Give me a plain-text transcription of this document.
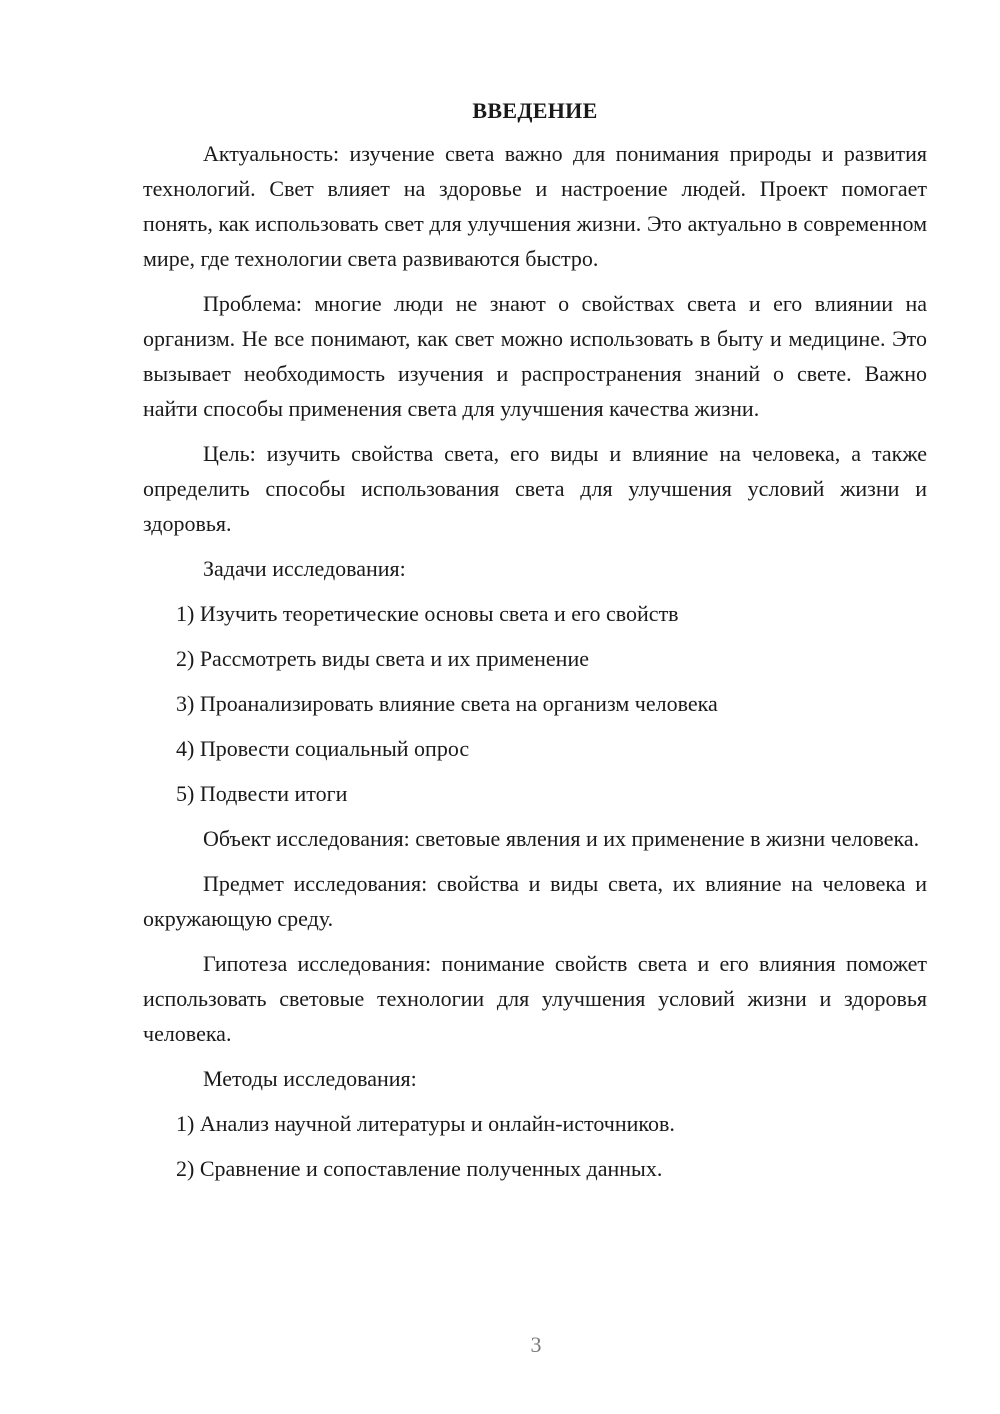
ВВЕДЕНИЕ

Актуальность: изучение света важно для понимания природы и развития технологий. Свет влияет на здоровье и настроение людей. Проект помогает понять, как использовать свет для улучшения жизни. Это актуально в современном мире, где технологии света развиваются быстро.

Проблема: многие люди не знают о свойствах света и его влиянии на организм. Не все понимают, как свет можно использовать в быту и медицине. Это вызывает необходимость изучения и распространения знаний о свете. Важно найти способы применения света для улучшения качества жизни.

Цель: изучить свойства света, его виды и влияние на человека, а также определить способы использования света для улучшения условий жизни и здоровья.

Задачи исследования:

1) Изучить теоретические основы света и его свойств
2) Рассмотреть виды света и их применение
3) Проанализировать влияние света на организм человека
4) Провести социальный опрос
5) Подвести итоги

Объект исследования: световые явления и их применение в жизни человека.

Предмет исследования: свойства и виды света, их влияние на человека и окружающую среду.

Гипотеза исследования: понимание свойств света и его влияния поможет использовать световые технологии для улучшения условий жизни и здоровья человека.

Методы исследования:

1) Анализ научной литературы и онлайн-источников.
2) Сравнение и сопоставление полученных данных.
3
